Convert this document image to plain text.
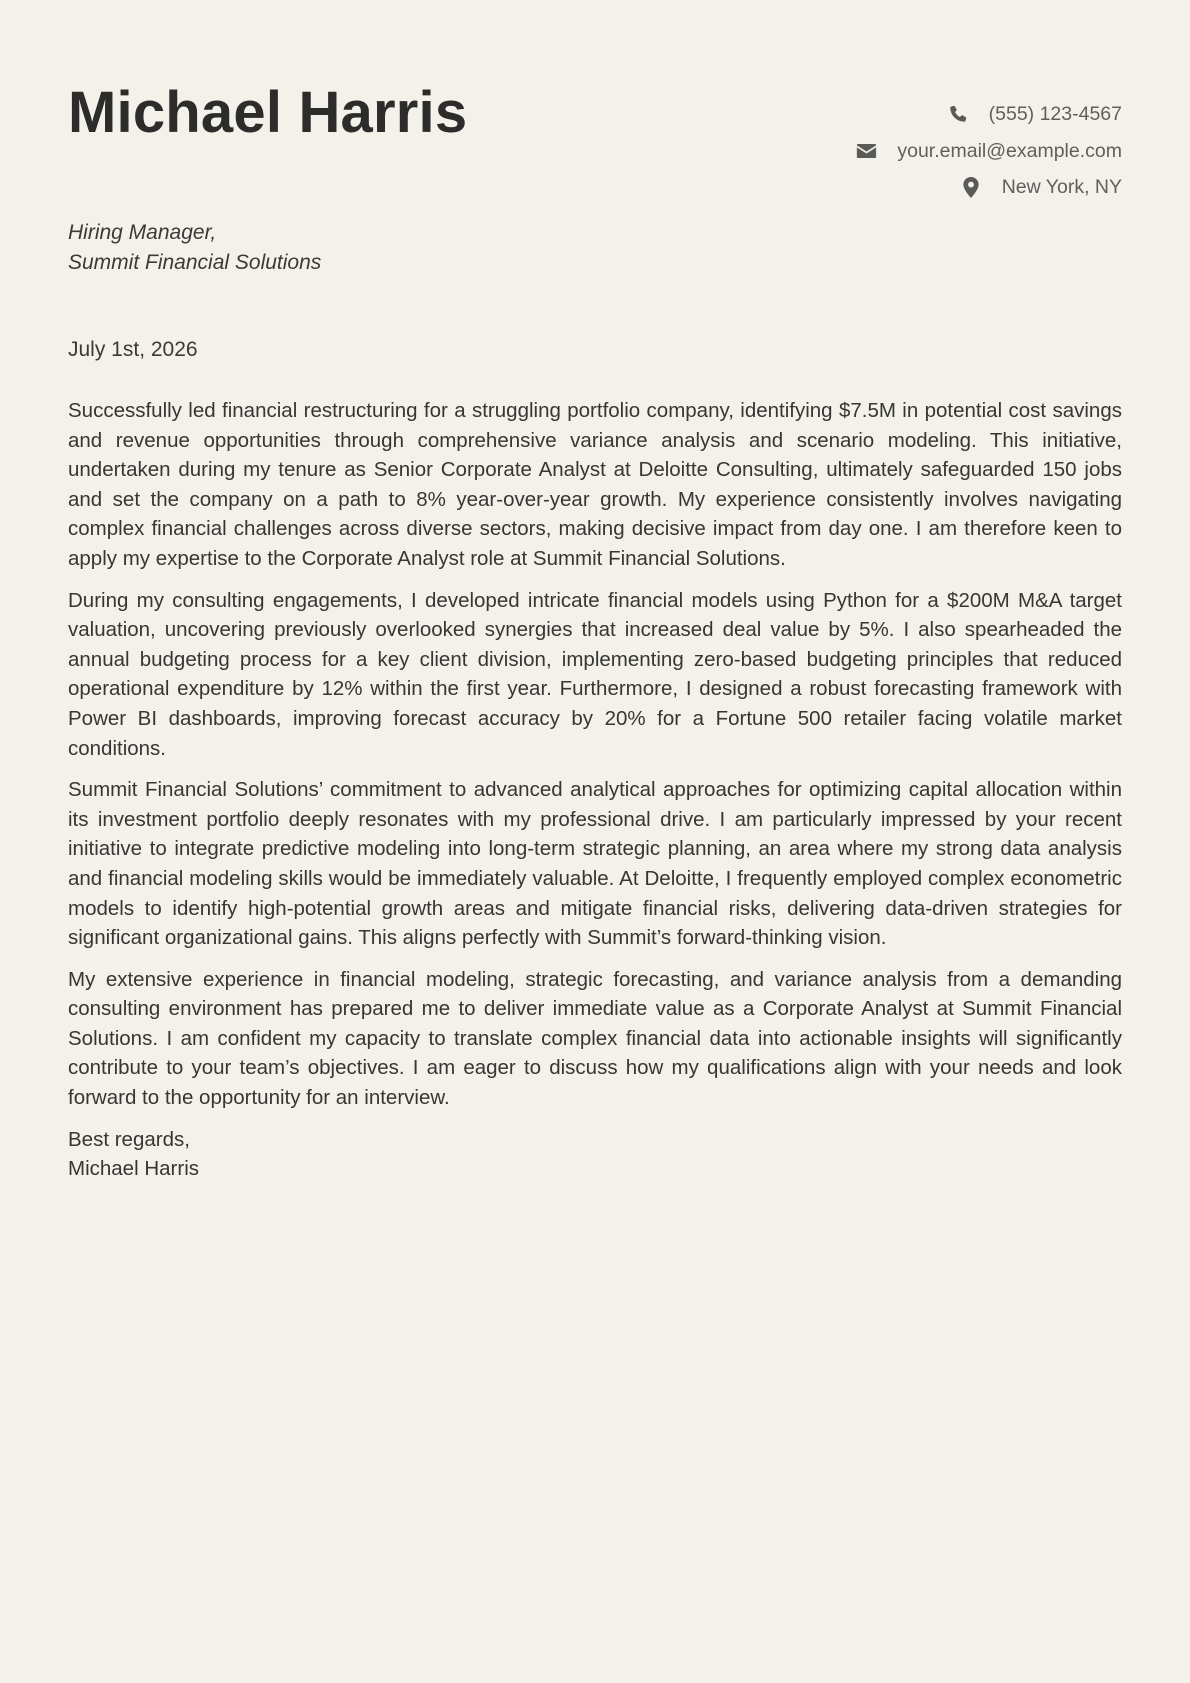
Michael Harris	(555) 123-4567
your.email@example.com
New York, NY
Hiring Manager,
Summit Financial Solutions
July 1st, 2026

Successfully led financial restructuring for a struggling portfolio company, identifying $7.5M in potential cost savings and revenue opportunities through comprehensive variance analysis and scenario modeling. This initiative, undertaken during my tenure as Senior Corporate Analyst at Deloitte Consulting, ultimately safeguarded 150 jobs and set the company on a path to 8% year-over-year growth. My experience consistently involves navigating complex financial challenges across diverse sectors, making decisive impact from day one. I am therefore keen to apply my expertise to the Corporate Analyst role at Summit Financial Solutions.

During my consulting engagements, I developed intricate financial models using Python for a $200M M&A target valuation, uncovering previously overlooked synergies that increased deal value by 5%. I also spearheaded the annual budgeting process for a key client division, implementing zero-based budgeting principles that reduced operational expenditure by 12% within the first year. Furthermore, I designed a robust forecasting framework with Power BI dashboards, improving forecast accuracy by 20% for a Fortune 500 retailer facing volatile market conditions.

Summit Financial Solutions’ commitment to advanced analytical approaches for optimizing capital allocation within its investment portfolio deeply resonates with my professional drive. I am particularly impressed by your recent initiative to integrate predictive modeling into long-term strategic planning, an area where my strong data analysis and financial modeling skills would be immediately valuable. At Deloitte, I frequently employed complex econometric models to identify high-potential growth areas and mitigate financial risks, delivering data-driven strategies for significant organizational gains. This aligns perfectly with Summit’s forward-thinking vision.

My extensive experience in financial modeling, strategic forecasting, and variance analysis from a demanding consulting environment has prepared me to deliver immediate value as a Corporate Analyst at Summit Financial Solutions. I am confident my capacity to translate complex financial data into actionable insights will significantly contribute to your team’s objectives. I am eager to discuss how my qualifications align with your needs and look forward to the opportunity for an interview.

Best regards,
Michael Harris
